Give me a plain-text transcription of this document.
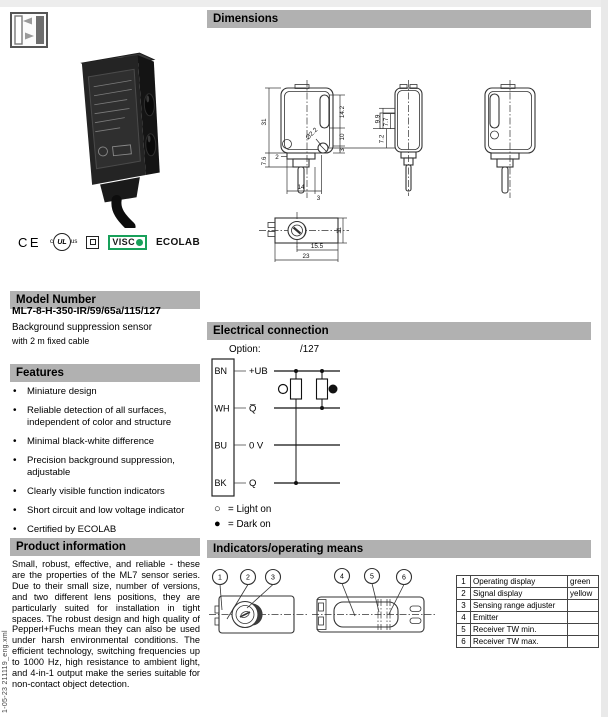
CE c UL us	VISC ECOLAB
Model Number
ML7-8-H-350-IR/59/65a/115/127
Background suppression sensor
with 2 m fixed cable
Features
• Miniature design
• Reliable detection of all surfaces, independent of color and structure
• Minimal black-white difference
• Precision background suppression, adjustable
• Clearly visible function indicators
• Short circuit and low voltage indicator
• Certified by ECOLAB
Product information

Small, robust, effective, and reliable - these are the properties of the ML7 sensor series. Due to their small size, number of versions, and two different lens positions, they are particularly suited for installation in tight spaces. The robust design and high quality of Pepperl+Fuchs mean they can also be used under harsh environmental conditions. The efficient technology, switching frequencies up to 1000 Hz, high resistance to ambient light, and 4-in-1 output make the series suitable for non-contact object detection.

1-05-23 211119_eng.xml
Dimensions
31
7.6
14.2
10
3
Ø2.2
14
3
2
9.9 7.7
7.2
11
15.5
23
Electrical connection
Option:	/127
BN
WH
BU
BK
+UB
Q̅
0 V
Q
○ = Light on
● = Dark on
Indicators/operating means
1	2	3	4	5	6	1	Operating display	green
2	Signal display	yellow
3	Sensing range adjuster	
4	Emitter	
5	Receiver TW min.	
6	Receiver TW max.	
